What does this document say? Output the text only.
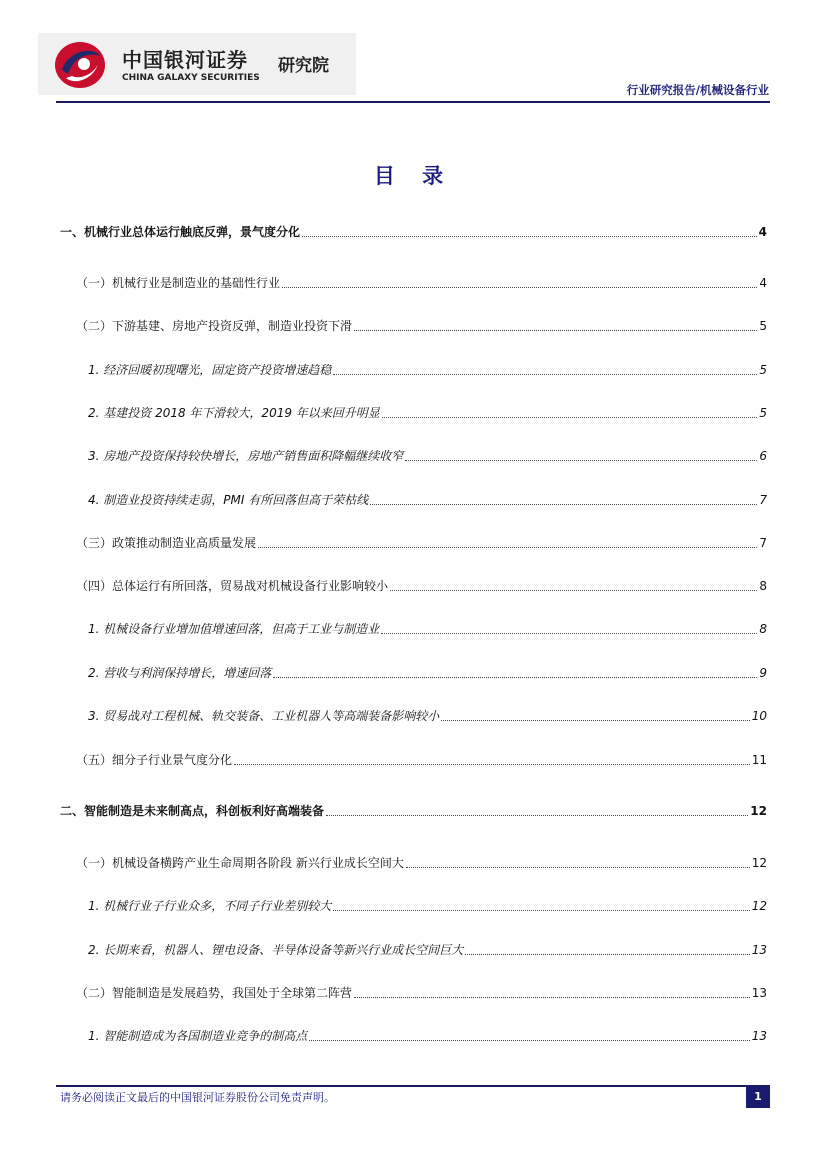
中国银河证券
CHINA GALAXY SECURITIES
研究院
行业研究报告/机械设备行业
目 录
一、机械行业总体运行触底反弹，景气度分化	4
（一）机械行业是制造业的基础性行业	4
（二）下游基建、房地产投资反弹，制造业投资下滑	5
1. 经济回暖初现曙光，固定资产投资增速趋稳	5
2. 基建投资 2018 年下滑较大，2019 年以来回升明显	5
3. 房地产投资保持较快增长，房地产销售面积降幅继续收窄	6
4. 制造业投资持续走弱，PMI 有所回落但高于荣枯线	7
（三）政策推动制造业高质量发展	7
（四）总体运行有所回落，贸易战对机械设备行业影响较小	8
1. 机械设备行业增加值增速回落，但高于工业与制造业	8
2. 营收与利润保持增长，增速回落	9
3. 贸易战对工程机械、轨交装备、工业机器人等高端装备影响较小	10
（五）细分子行业景气度分化	11
二、智能制造是未来制高点，科创板利好高端装备	12
（一）机械设备横跨产业生命周期各阶段 新兴行业成长空间大	12
1. 机械行业子行业众多，不同子行业差别较大	12
2. 长期来看，机器人、锂电设备、半导体设备等新兴行业成长空间巨大	13
（二）智能制造是发展趋势，我国处于全球第二阵营	13
1. 智能制造成为各国制造业竞争的制高点	13
请务必阅读正文最后的中国银河证券股份公司免责声明。	1
